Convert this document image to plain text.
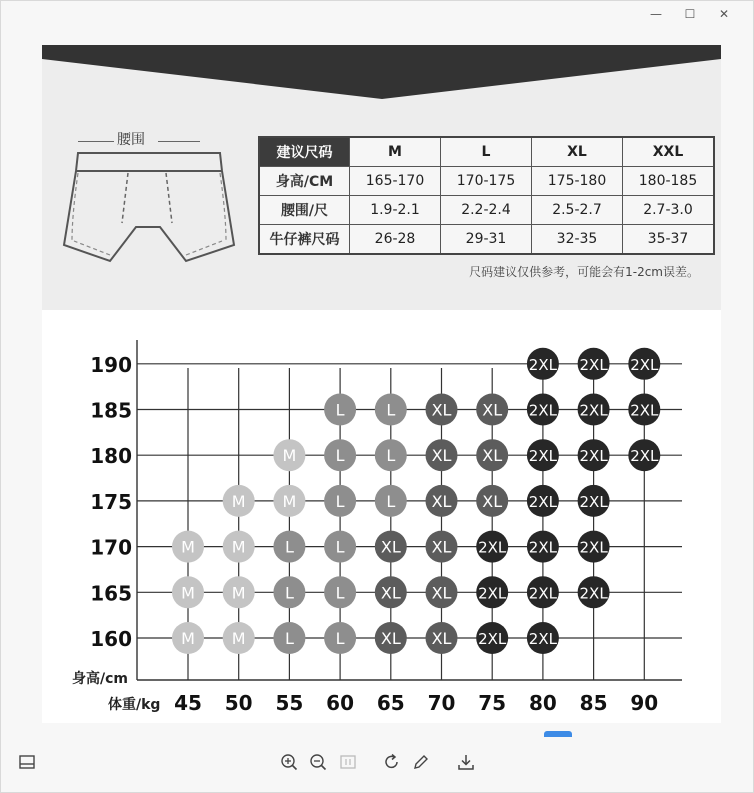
—	☐	✕
腰围
建议尺码	M	L	XL	XXL
身高/CM	165-170	170-175	175-180	180-185
腰围/尺	1.9-2.1	2.2-2.4	2.5-2.7	2.7-3.0
牛仔裤尺码	26-28	29-31	32-35	35-37
尺码建议仅供参考，可能会有1-2cm误差。
160
165
170
175
180
185
190
45 50 55 60 65 70 75 80 85 90
身高/cm
体重/kg
2XL 2XL 2XL
L	L XL XL 2XL 2XL 2XL
M L	L XL XL 2XL 2XL 2XL
M M L	L XL XL 2XL 2XL
M M L	L XL XL 2XL 2XL 2XL
M M L	L XL XL 2XL 2XL 2XL
M M L	L XL XL 2XL 2XL
